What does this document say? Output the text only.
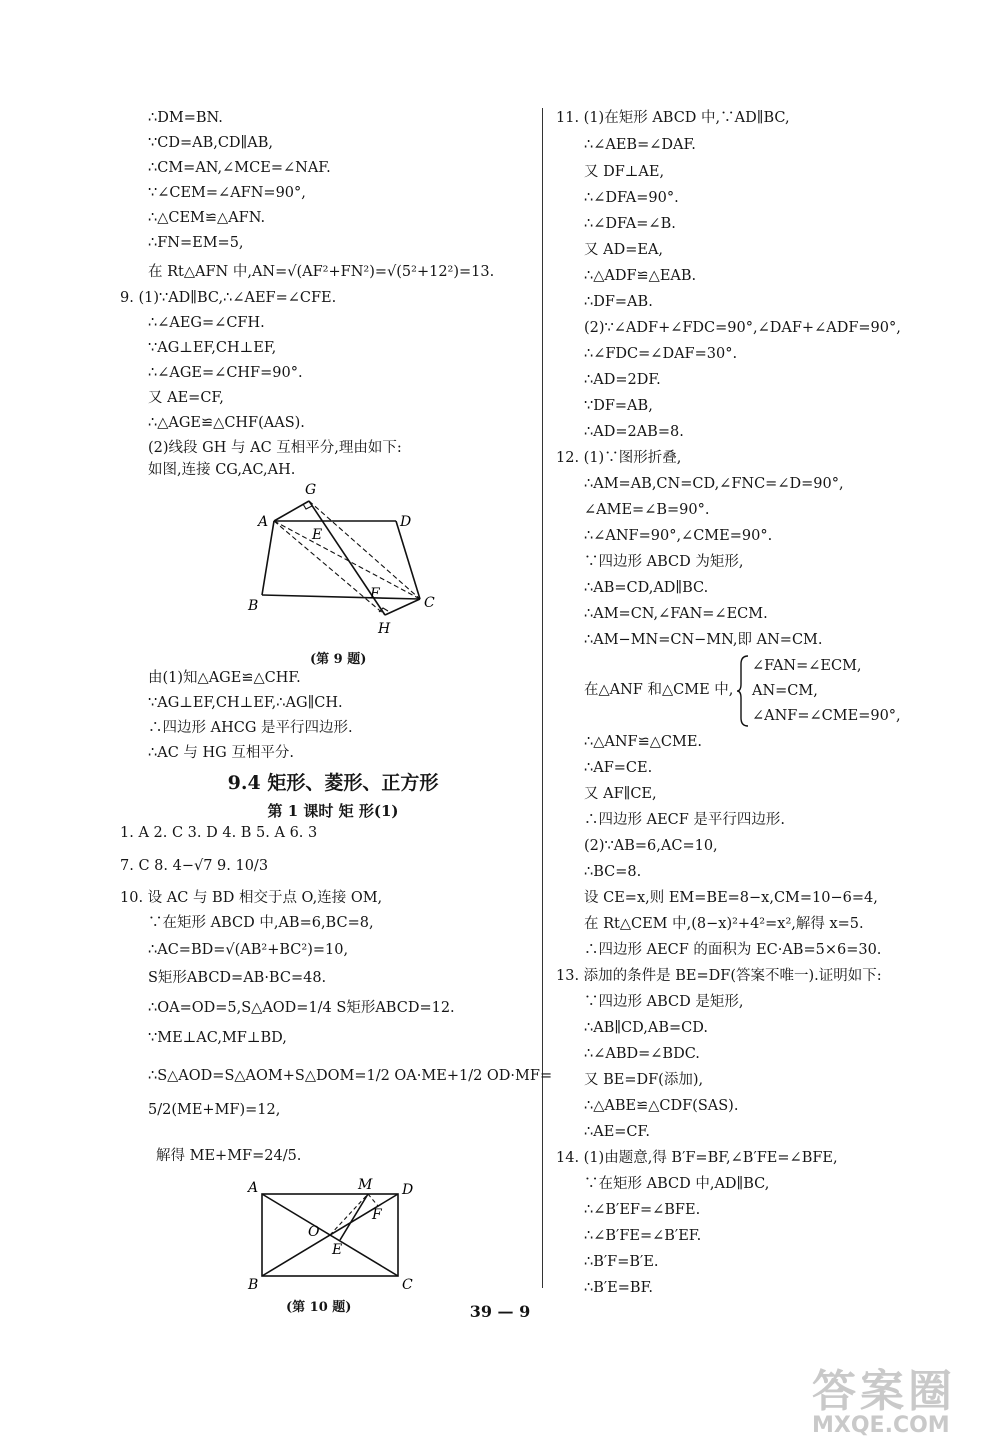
∴DM=BN.
∵CD=AB,CD∥AB,
∴CM=AN,∠MCE=∠NAF.
∵∠CEM=∠AFN=90°,
∴△CEM≌△AFN.
∴FN=EM=5,
在 Rt△AFN 中,AN=√(AF²+FN²)=√(5²+12²)=13.
9. (1)∵AD∥BC,∴∠AEF=∠CFE.
∴∠AEG=∠CFH.
∵AG⊥EF,CH⊥EF,
∴∠AGE=∠CHF=90°.
又 AE=CF,
∴△AGE≌△CHF(AAS).
(2)线段 GH 与 AC 互相平分,理由如下:
如图,连接 CG,AC,AH.
G
A
E
D
F
B	C
H
(第 9 题)
由(1)知△AGE≌△CHF.
∵AG⊥EF,CH⊥EF,∴AG∥CH.
∴四边形 AHCG 是平行四边形.
∴AC 与 HG 互相平分.
9.4 矩形、菱形、正方形
第 1 课时 矩 形(1)
1. A 2. C 3. D 4. B 5. A 6. 3
7. C 8. 4−√7 9. 10/3
10. 设 AC 与 BD 相交于点 O,连接 OM,
∵在矩形 ABCD 中,AB=6,BC=8,
∴AC=BD=√(AB²+BC²)=10,
S矩形ABCD=AB·BC=48.
∴OA=OD=5,S△AOD=1/4 S矩形ABCD=12.
∵ME⊥AC,MF⊥BD,
∴S△AOD=S△AOM+S△DOM=1/2 OA·ME+1/2 OD·MF=
5/2(ME+MF)=12,
解得 ME+MF=24/5.
A	M D
F
O
E
B	C
(第 10 题)
11. (1)在矩形 ABCD 中,∵AD∥BC,
∴∠AEB=∠DAF.
又 DF⊥AE,
∴∠DFA=90°.
∴∠DFA=∠B.
又 AD=EA,
∴△ADF≌△EAB.
∴DF=AB.
(2)∵∠ADF+∠FDC=90°,∠DAF+∠ADF=90°,
∴∠FDC=∠DAF=30°.
∴AD=2DF.
∵DF=AB,
∴AD=2AB=8.
12. (1)∵图形折叠,
∴AM=AB,CN=CD,∠FNC=∠D=90°,
∠AME=∠B=90°.
∴∠ANF=90°,∠CME=90°.
∵四边形 ABCD 为矩形,
∴AB=CD,AD∥BC.
∴AM=CN,∠FAN=∠ECM.
∴AM−MN=CN−MN,即 AN=CM.
在△ANF 和△CME 中,
∠FAN=∠ECM,
AN=CM,
∠ANF=∠CME=90°,
∴△ANF≌△CME.
∴AF=CE.
又 AF∥CE,
∴四边形 AECF 是平行四边形.
(2)∵AB=6,AC=10,
∴BC=8.
设 CE=x,则 EM=BE=8−x,CM=10−6=4,
在 Rt△CEM 中,(8−x)²+4²=x²,解得 x=5.
∴四边形 AECF 的面积为 EC·AB=5×6=30.
13. 添加的条件是 BE=DF(答案不唯一).证明如下:
∵四边形 ABCD 是矩形,
∴AB∥CD,AB=CD.
∴∠ABD=∠BDC.
又 BE=DF(添加),
∴△ABE≌△CDF(SAS).
∴AE=CF.
14. (1)由题意,得 B′F=BF,∠B′FE=∠BFE,
∵在矩形 ABCD 中,AD∥BC,
∴∠B′EF=∠BFE.
∴∠B′FE=∠B′EF.
∴B′F=B′E.
∴B′E=BF.
39 — 9
答案圈
MXQE.COM
